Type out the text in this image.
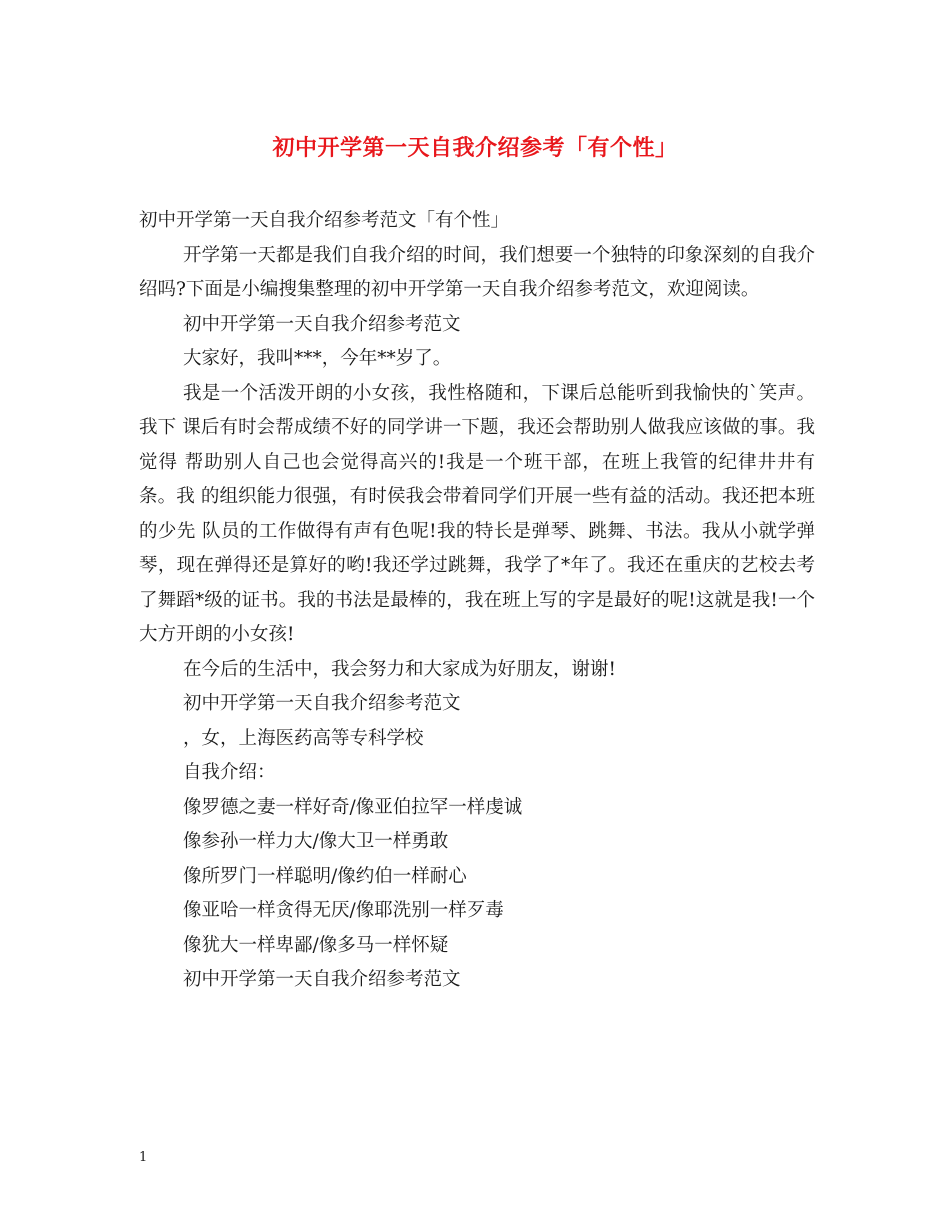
初中开学第一天自我介绍参考「有个性」

初中开学第一天自我介绍参考范文「有个性」

开学第一天都是我们自我介绍的时间，我们想要一个独特的印象深刻的自我介绍吗?下面是小编搜集整理的初中开学第一天自我介绍参考范文，欢迎阅读。

初中开学第一天自我介绍参考范文

大家好，我叫***，今年**岁了。

我是一个活泼开朗的小女孩，我性格随和，下课后总能听到我愉快的`笑声。我下 课后有时会帮成绩不好的同学讲一下题，我还会帮助别人做我应该做的事。我觉得 帮助别人自己也会觉得高兴的!我是一个班干部，在班上我管的纪律井井有条。我 的组织能力很强，有时侯我会带着同学们开展一些有益的活动。我还把本班的少先 队员的工作做得有声有色呢!我的特长是弹琴、跳舞、书法。我从小就学弹琴，现在弹得还是算好的哟!我还学过跳舞，我学了*年了。我还在重庆的艺校去考了舞蹈*级的证书。我的书法是最棒的，我在班上写的字是最好的呢!这就是我!一个 大方开朗的小女孩!

在今后的生活中，我会努力和大家成为好朋友，谢谢!

初中开学第一天自我介绍参考范文

，女，上海医药高等专科学校

自我介绍：

像罗德之妻一样好奇/像亚伯拉罕一样虔诚

像参孙一样力大/像大卫一样勇敢

像所罗门一样聪明/像约伯一样耐心

像亚哈一样贪得无厌/像耶洗别一样歹毒

像犹大一样卑鄙/像多马一样怀疑

初中开学第一天自我介绍参考范文

1
